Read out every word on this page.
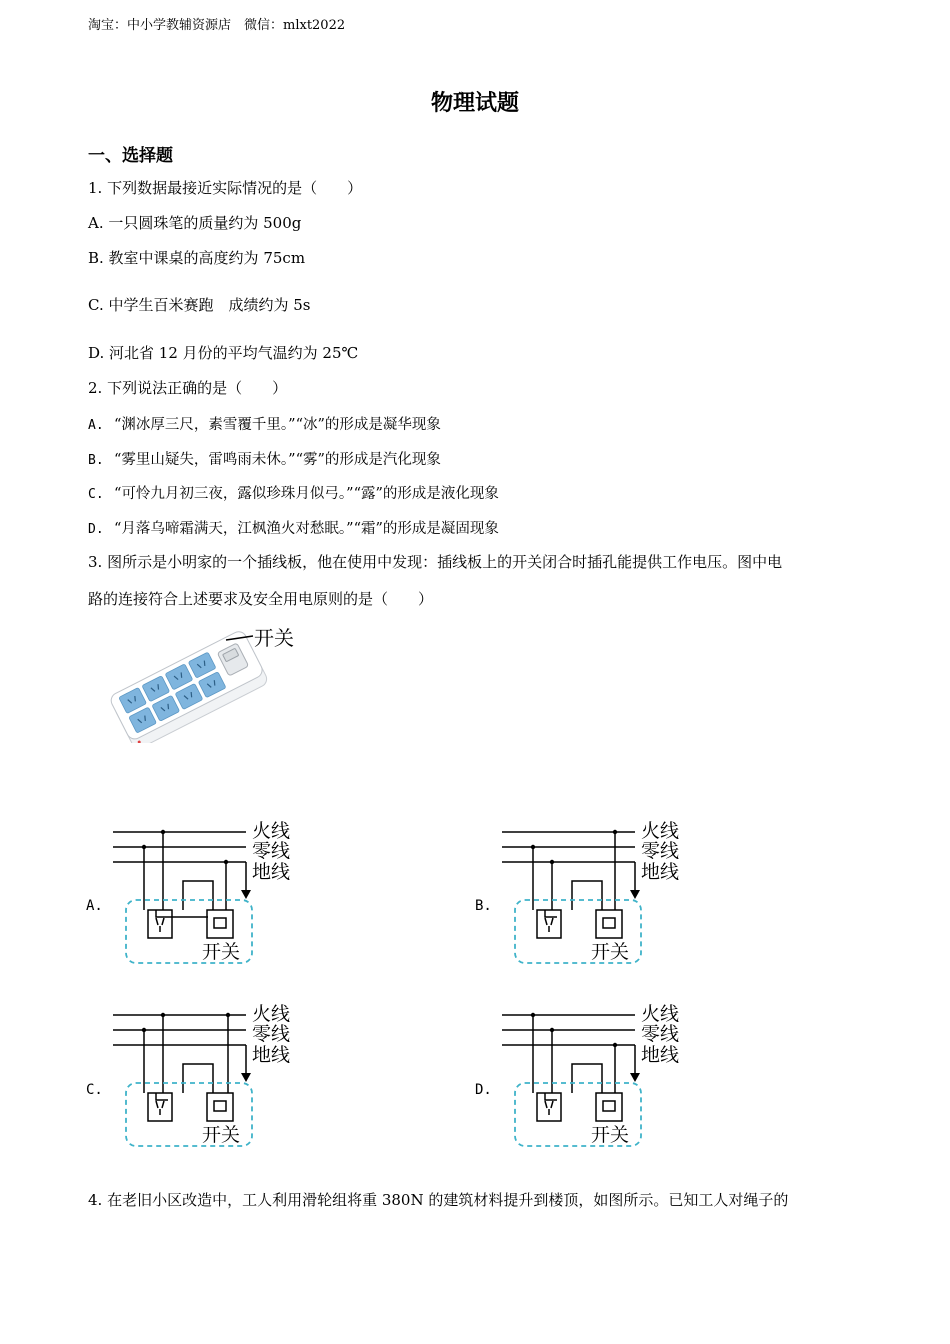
淘宝：中小学教辅资源店　微信：mlxt2022
物理试题
一、选择题
1. 下列数据最接近实际情况的是（　　）
A. 一只圆珠笔的质量约为 500g
B. 教室中课桌的高度约为 75cm
C. 中学生百米赛跑　成绩约为 5s
D. 河北省 12 月份的平均气温约为 25℃
2. 下列说法正确的是（　　）
A. “渊冰厚三尺，素雪覆千里。”“冰”的形成是凝华现象
B. “雾里山疑失，雷鸣雨未休。”“雾”的形成是汽化现象
C. “可怜九月初三夜，露似珍珠月似弓。”“露”的形成是液化现象
D. “月落乌啼霜满天，江枫渔火对愁眠。”“霜”的形成是凝固现象
3. 图所示是小明家的一个插线板，他在使用中发现：插线板上的开关闭合时插孔能提供工作电压。图中电
路的连接符合上述要求及安全用电原则的是（　　）
开关
A.
火线
零线
地线
开关
B.
火线
零线
地线
开关
C.
火线
零线
地线
开关
D.
火线
零线
地线
开关
4. 在老旧小区改造中，工人利用滑轮组将重 380N 的建筑材料提升到楼顶，如图所示。已知工人对绳子的
